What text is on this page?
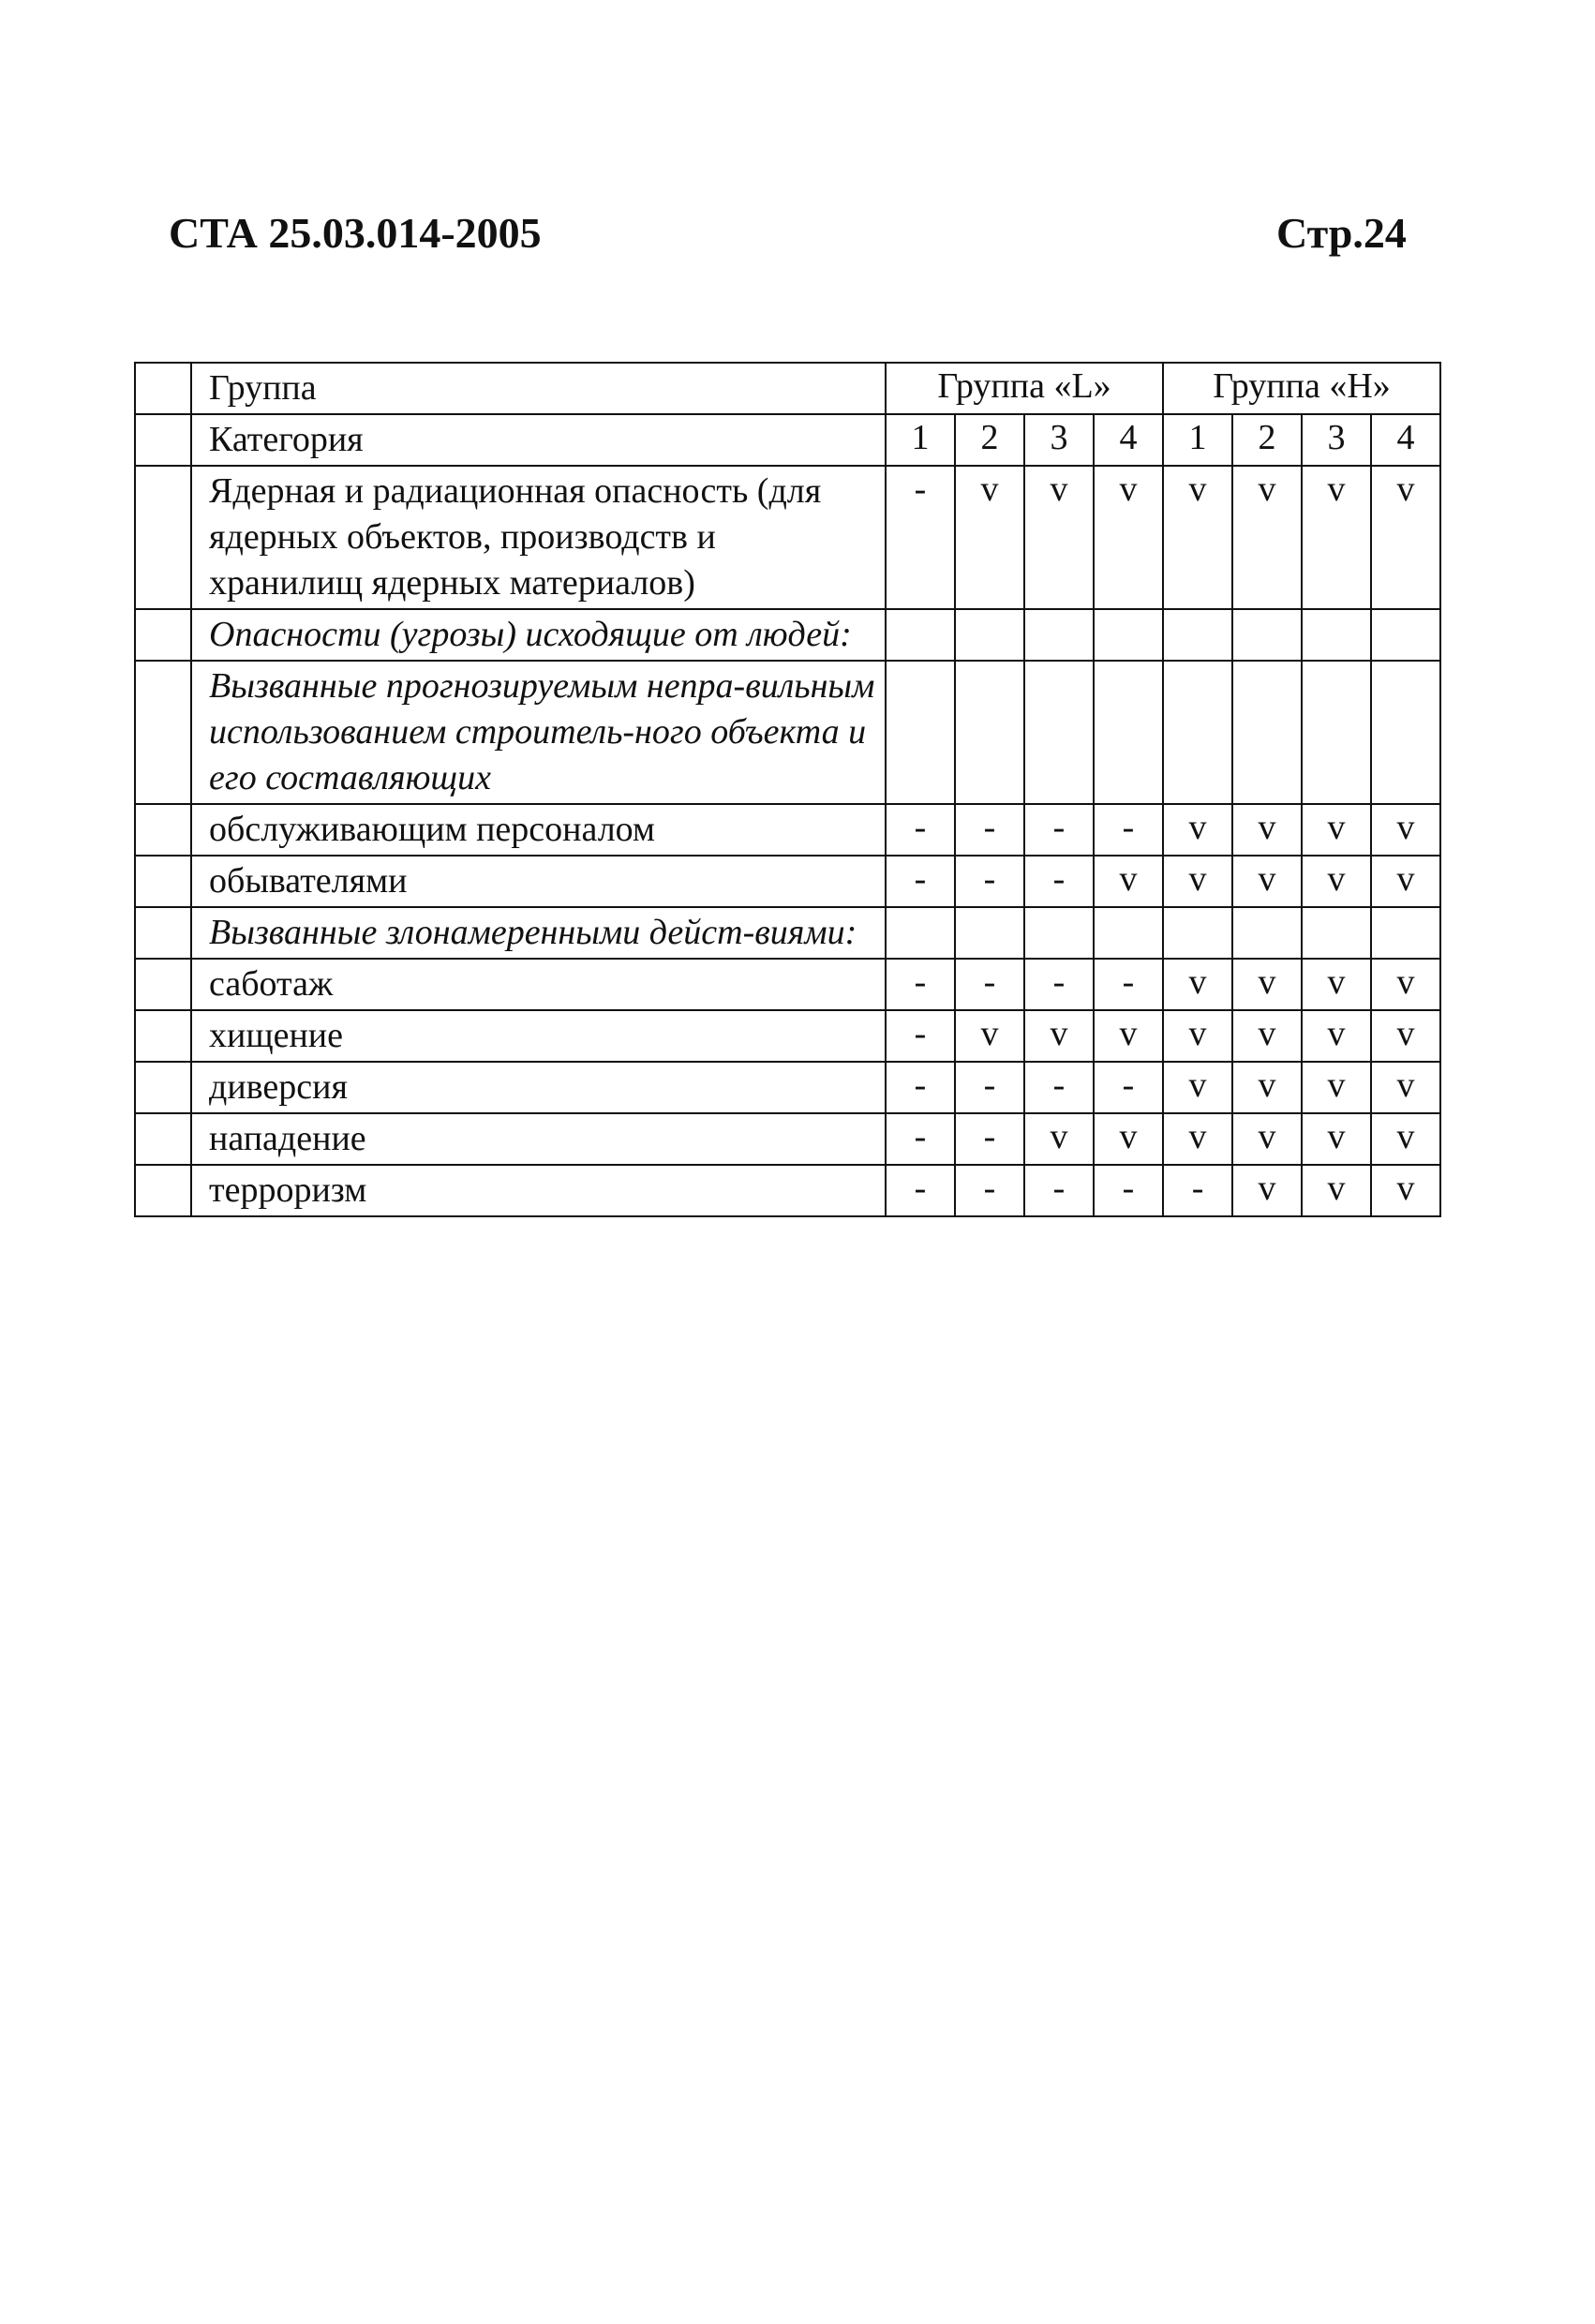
СТА 25.03.014-2005	Стр.24
	Группа	Группа «L»				Группа «H»			
	Категория	1	2	3	4	1	2	3	4
	Ядерная и радиационная опасность (для ядерных объектов, производств и хранилищ ядерных материалов)	-	v	v	v	v	v	v	v
	Опасности (угрозы) исходящие от людей:								
	Вызванные прогнозируемым непра-вильным использованием строитель-ного объекта и его составляющих								
	обслуживающим персоналом	-	-	-	-	v	v	v	v
	обывателями	-	-	-	v	v	v	v	v
	Вызванные злонамеренными дейст-виями:								
	саботаж	-	-	-	-	v	v	v	v
	хищение	-	v	v	v	v	v	v	v
	диверсия	-	-	-	-	v	v	v	v
	нападение	-	-	v	v	v	v	v	v
	терроризм	-	-	-	-	-	v	v	v
